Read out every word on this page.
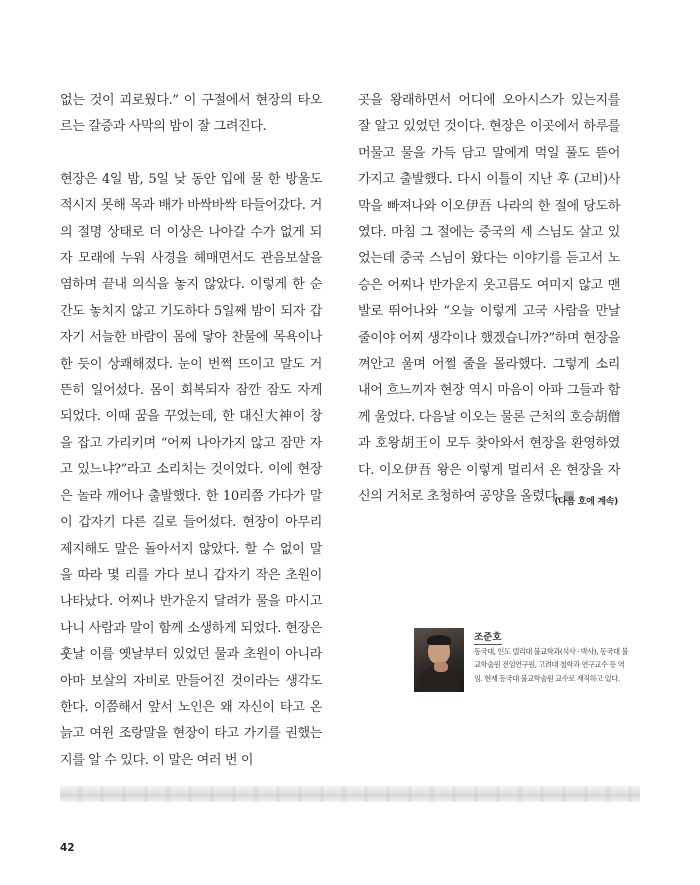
없는 것이 괴로웠다.” 이 구절에서 현장의 타오르는 갈증과 사막의 밤이 잘 그려진다.

현장은 4일 밤, 5일 낮 동안 입에 물 한 방울도 적시지 못해 목과 배가 바싹바싹 타들어갔다. 거의 절명 상태로 더 이상은 나아갈 수가 없게 되자 모래에 누워 사경을 헤매면서도 관음보살을 염하며 끝내 의식을 놓지 않았다. 이렇게 한 순간도 놓치지 않고 기도하다 5일째 밤이 되자 갑자기 서늘한 바람이 몸에 닿아 찬물에 목욕이나 한 듯이 상쾌해졌다. 눈이 번쩍 뜨이고 말도 거뜬히 일어섰다. 몸이 회복되자 잠깐 잠도 자게 되었다. 이때 꿈을 꾸었는데, 한 대신大神이 창을 잡고 가리키며 “어찌 나아가지 않고 잠만 자고 있느냐?”라고 소리치는 것이었다. 이에 현장은 놀라 깨어나 출발했다. 한 10리쯤 가다가 말이 갑자기 다른 길로 들어섰다. 현장이 아무리 제지해도 말은 돌아서지 않았다. 할 수 없이 말을 따라 몇 리를 가다 보니 갑자기 작은 초원이 나타났다. 어찌나 반가운지 달려가 물을 마시고 나니 사람과 말이 함께 소생하게 되었다. 현장은 훗날 이를 옛날부터 있었던 물과 초원이 아니라 아마 보살의 자비로 만들어진 것이라는 생각도 한다. 이쯤해서 앞서 노인은 왜 자신이 타고 온 늙고 여윈 조랑말을 현장이 타고 가기를 권했는지를 알 수 있다. 이 말은 여러 번 이

곳을 왕래하면서 어디에 오아시스가 있는지를 잘 알고 있었던 것이다. 현장은 이곳에서 하루를 머물고 물을 가득 담고 말에게 먹일 풀도 뜯어 가지고 출발했다. 다시 이틀이 지난 후 (고비)사막을 빠져나와 이오伊吾 나라의 한 절에 당도하였다. 마침 그 절에는 중국의 세 스님도 살고 있었는데 중국 스님이 왔다는 이야기를 듣고서 노승은 어찌나 반가운지 옷고름도 여미지 않고 맨발로 뛰어나와 “오늘 이렇게 고국 사람을 만날 줄이야 어찌 생각이나 했겠습니까?”하며 현장을 껴안고 울며 어쩔 줄을 몰라했다. 그렇게 소리 내어 흐느끼자 현장 역시 마음이 아파 그들과 함께 울었다. 다음날 이오는 물론 근처의 호승胡僧과 호왕胡王이 모두 찾아와서 현장을 환영하였다. 이오伊吾 왕은 이렇게 멀리서 온 현장을 자신의 거처로 초청하여 공양을 올렸다.

(다음 호에 계속)
조준호
동국대, 인도 델리대 불교학과(석사 · 박사), 동국대 불교학술원 전임연구원, 고려대 철학과 연구교수 등 역임. 현재 동국대 불교학술원 교수로 재직하고 있다.
42
